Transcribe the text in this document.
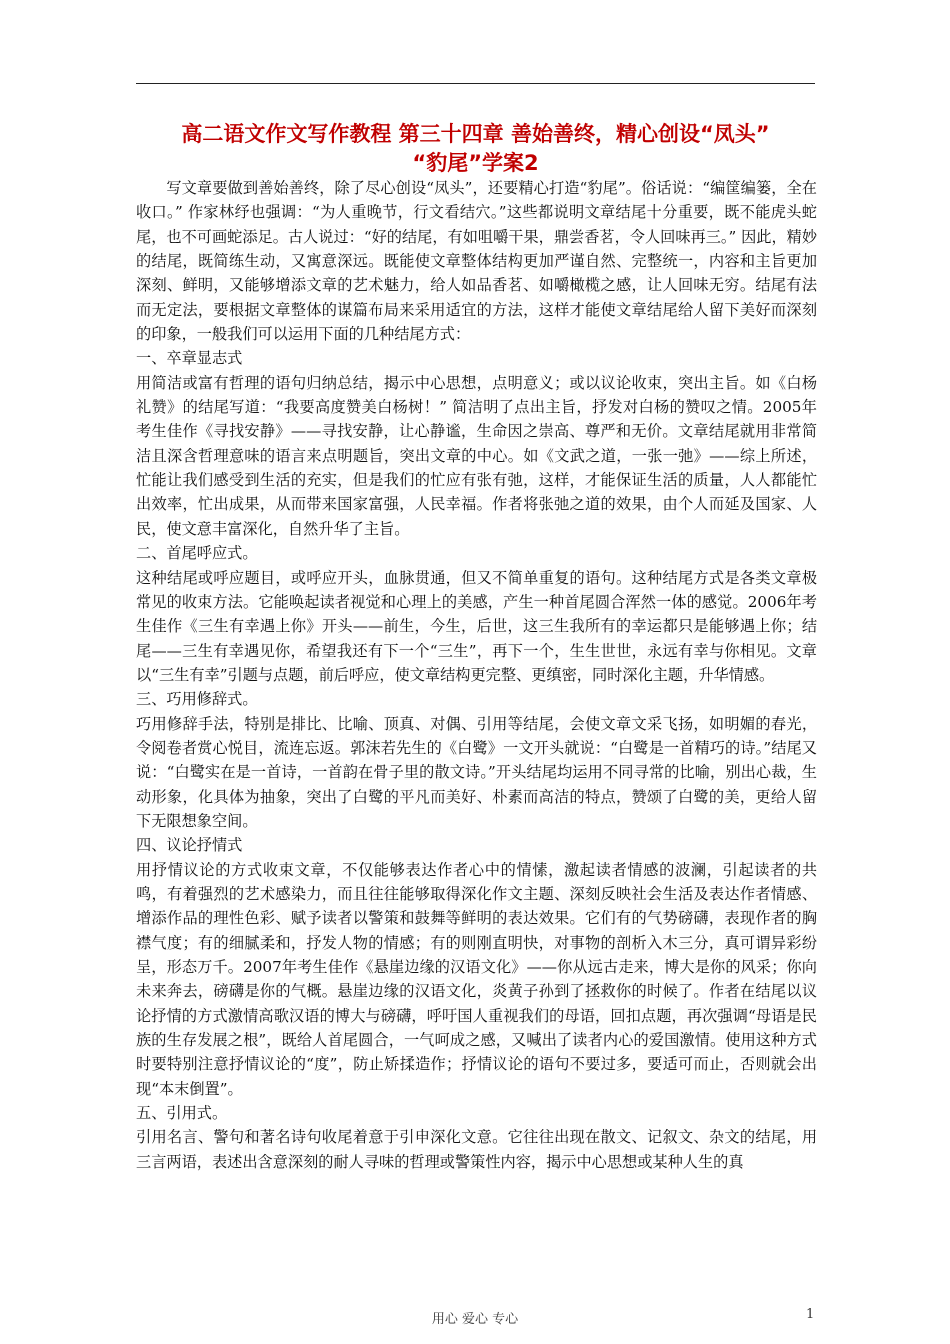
高二语文作文写作教程 第三十四章 善始善终，精心创设“凤头”
“豹尾”学案2

写文章要做到善始善终，除了尽心创设“凤头”，还要精心打造“豹尾”。俗话说：“编筐编篓，全在收口。” 作家林纾也强调：“为人重晚节，行文看结穴。”这些都说明文章结尾十分重要，既不能虎头蛇尾，也不可画蛇添足。古人说过：“好的结尾，有如咀嚼干果，鼎尝香茗，令人回味再三。” 因此，精妙的结尾，既简练生动，又寓意深远。既能使文章整体结构更加严谨自然、完整统一，内容和主旨更加深刻、鲜明，又能够增添文章的艺术魅力，给人如品香茗、如嚼橄榄之感，让人回味无穷。结尾有法而无定法，要根据文章整体的谋篇布局来采用适宜的方法，这样才能使文章结尾给人留下美好而深刻的印象，一般我们可以运用下面的几种结尾方式：

一、卒章显志式

用简洁或富有哲理的语句归纳总结，揭示中心思想，点明意义；或以议论收束，突出主旨。如《白杨礼赞》的结尾写道：“我要高度赞美白杨树！” 简洁明了点出主旨，抒发对白杨的赞叹之情。2005年考生佳作《寻找安静》——寻找安静，让心静谧，生命因之崇高、尊严和无价。文章结尾就用非常简洁且深含哲理意味的语言来点明题旨，突出文章的中心。如《文武之道，一张一弛》——综上所述，忙能让我们感受到生活的充实，但是我们的忙应有张有弛，这样，才能保证生活的质量，人人都能忙出效率，忙出成果，从而带来国家富强，人民幸福。作者将张弛之道的效果，由个人而延及国家、人民，使文意丰富深化，自然升华了主旨。

二、首尾呼应式。

这种结尾或呼应题目，或呼应开头，血脉贯通，但又不简单重复的语句。这种结尾方式是各类文章极常见的收束方法。它能唤起读者视觉和心理上的美感，产生一种首尾圆合浑然一体的感觉。2006年考生佳作《三生有幸遇上你》开头——前生，今生，后世，这三生我所有的幸运都只是能够遇上你；结尾——三生有幸遇见你，希望我还有下一个“三生”，再下一个，生生世世，永远有幸与你相见。文章以“三生有幸”引题与点题，前后呼应，使文章结构更完整、更缜密，同时深化主题，升华情感。

三、巧用修辞式。

巧用修辞手法，特别是排比、比喻、顶真、对偶、引用等结尾，会使文章文采飞扬，如明媚的春光，令阅卷者赏心悦目，流连忘返。郭沫若先生的《白鹭》一文开头就说：“白鹭是一首精巧的诗。”结尾又说：“白鹭实在是一首诗，一首韵在骨子里的散文诗。”开头结尾均运用不同寻常的比喻，别出心裁，生动形象，化具体为抽象，突出了白鹭的平凡而美好、朴素而高洁的特点，赞颂了白鹭的美，更给人留下无限想象空间。

四、议论抒情式

用抒情议论的方式收束文章，不仅能够表达作者心中的情愫，激起读者情感的波澜，引起读者的共鸣，有着强烈的艺术感染力，而且往往能够取得深化作文主题、深刻反映社会生活及表达作者情感、增添作品的理性色彩、赋予读者以警策和鼓舞等鲜明的表达效果。它们有的气势磅礴，表现作者的胸襟气度；有的细腻柔和，抒发人物的情感；有的则刚直明快，对事物的剖析入木三分，真可谓异彩纷呈，形态万千。2007年考生佳作《悬崖边缘的汉语文化》——你从远古走来，博大是你的风采；你向未来奔去，磅礴是你的气概。悬崖边缘的汉语文化，炎黄子孙到了拯救你的时候了。作者在结尾以议论抒情的方式激情高歌汉语的博大与磅礴，呼吁国人重视我们的母语，回扣点题，再次强调“母语是民族的生存发展之根”，既给人首尾圆合，一气呵成之感，又喊出了读者内心的爱国激情。使用这种方式时要特别注意抒情议论的“度”，防止矫揉造作；抒情议论的语句不要过多，要适可而止，否则就会出现“本末倒置”。

五、引用式。

引用名言、警句和著名诗句收尾着意于引申深化文意。它往往出现在散文、记叙文、杂文的结尾，用三言两语，表述出含意深刻的耐人寻味的哲理或警策性内容，揭示中心思想或某种人生的真

用心 爱心 专心	1
